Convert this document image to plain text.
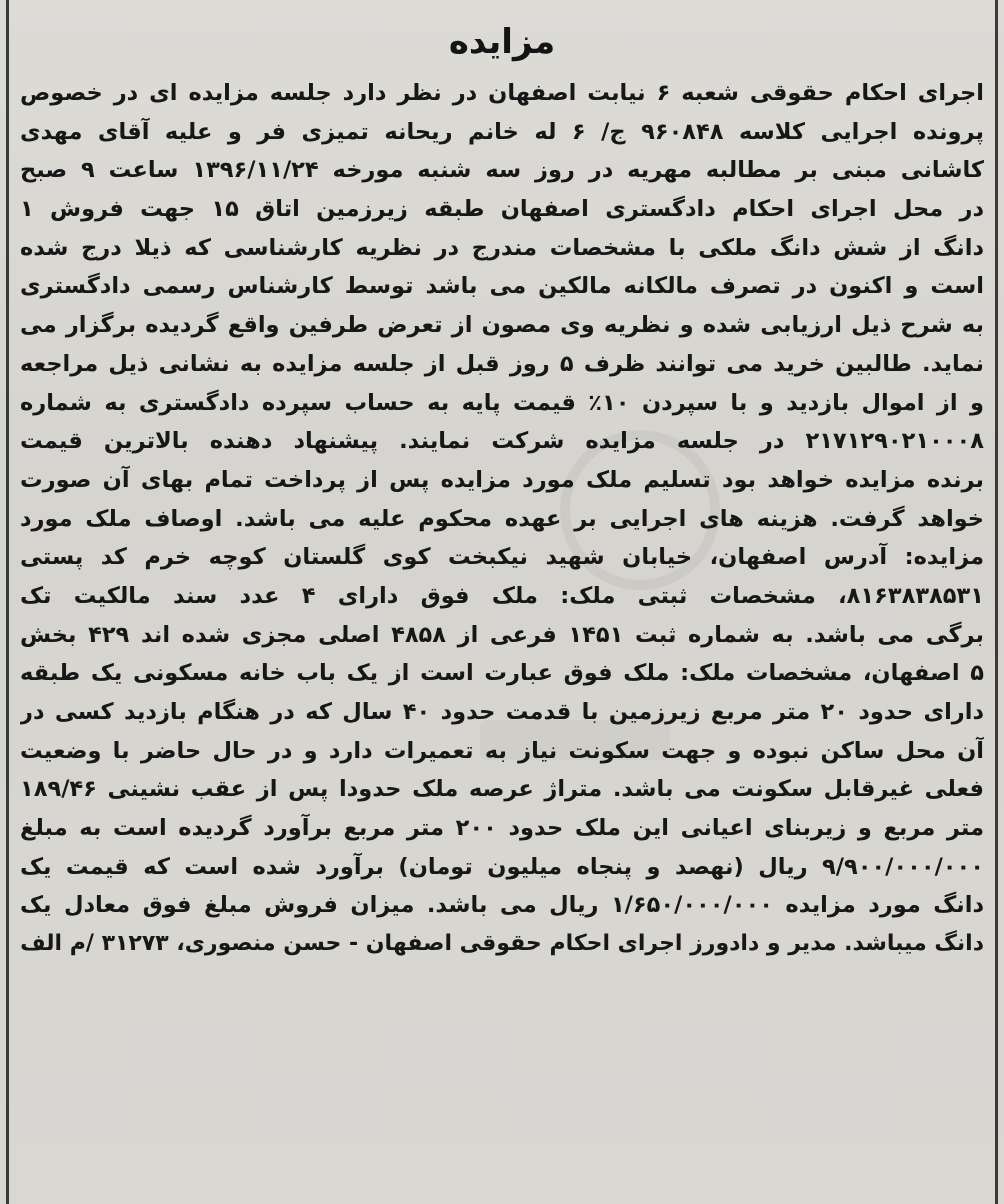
مزایده
اجرای احکام حقوقی شعبه ۶ نیابت اصفهان در نظر دارد جلسه مزایده ای در خصوص
پرونده اجرایی کلاسه ۹۶۰۸۴۸ ج/ ۶ له خانم ریحانه تمیزی فر و علیه آقای مهدی
کاشانی مبنی بر مطالبه مهریه در روز سه شنبه مورخه ۱۳۹۶/۱۱/۲۴ ساعت ۹ صبح
در محل اجرای احکام دادگستری اصفهان طبقه زیرزمین اتاق ۱۵ جهت فروش ۱
دانگ از شش دانگ ملکی با مشخصات مندرج در نظریه کارشناسی که ذیلا درج شده
است و اکنون در تصرف مالکانه مالکین می باشد توسط کارشناس رسمی دادگستری
به شرح ذیل ارزیابی شده و نظریه وی مصون از تعرض طرفین واقع گردیده برگزار می
نماید. طالبین خرید می توانند ظرف ۵ روز قبل از جلسه مزایده به نشانی ذیل مراجعه
و از اموال بازدید و با سپردن ۱۰٪ قیمت پایه به حساب سپرده دادگستری به شماره
۲۱۷۱۲۹۰۲۱۰۰۰۸ در جلسه مزایده شرکت نمایند. پیشنهاد دهنده بالاترین قیمت
برنده مزایده خواهد بود تسلیم ملک مورد مزایده پس از پرداخت تمام بهای آن صورت
خواهد گرفت. هزینه های اجرایی بر عهده محکوم علیه می باشد. اوصاف ملک مورد
مزایده: آدرس اصفهان، خیابان شهید نیکبخت کوی گلستان کوچه خرم کد پستی
۸۱۶۳۸۳۸۵۳۱، مشخصات ثبتی ملک: ملک فوق دارای ۴ عدد سند مالکیت تک
برگی می باشد. به شماره ثبت ۱۴۵۱ فرعی از ۴۸۵۸ اصلی مجزی شده اند ۴۲۹ بخش
۵ اصفهان، مشخصات ملک: ملک فوق عبارت است از یک باب خانه مسکونی یک طبقه
دارای حدود ۲۰ متر مربع زیرزمین با قدمت حدود ۴۰ سال که در هنگام بازدید کسی در
آن محل ساکن نبوده و جهت سکونت نیاز به تعمیرات دارد و در حال حاضر با وضعیت
فعلی غیرقابل سکونت می باشد. متراژ عرصه ملک حدودا پس از عقب نشینی ۱۸۹/۴۶
متر مربع و زیربنای اعیانی این ملک حدود ۲۰۰ متر مربع برآورد گردیده است به مبلغ
۹/۹۰۰/۰۰۰/۰۰۰ ریال (نهصد و پنجاه میلیون تومان) برآورد شده است که قیمت یک
دانگ مورد مزایده ۱/۶۵۰/۰۰۰/۰۰۰ ریال می باشد. میزان فروش مبلغ فوق معادل یک
دانگ میباشد. مدیر و دادورز اجرای احکام حقوقی اصفهان - حسن منصوری، ۳۱۲۷۳ /م الف
